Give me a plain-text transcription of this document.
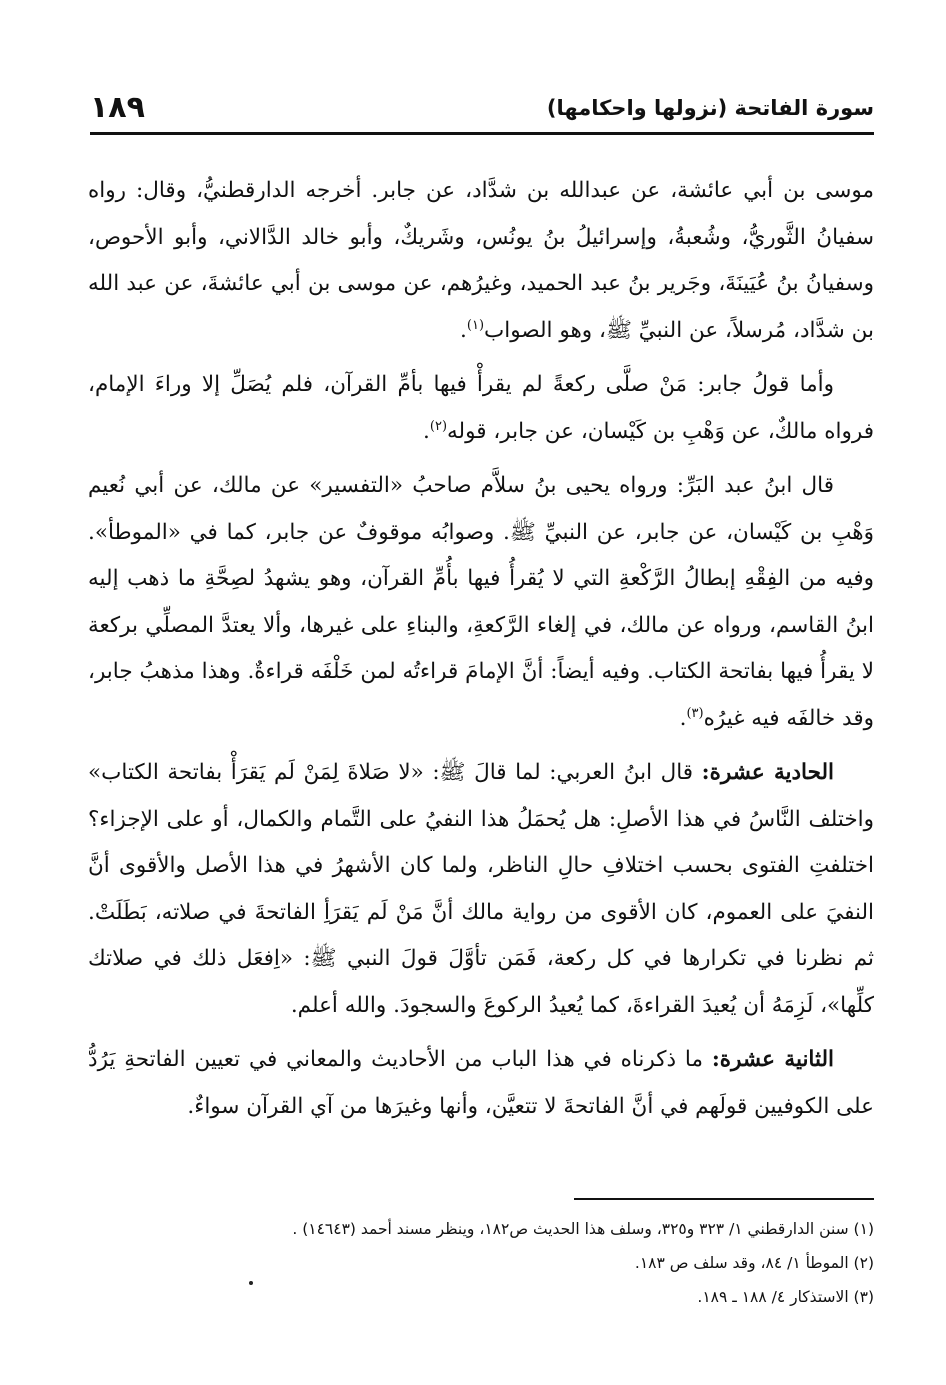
سورة الفاتحة (نزولها واحكامها)
١٨٩

موسى بن أبي عائشة، عن عبدالله بن شدَّاد، عن جابر. أخرجه الدارقطنيُّ، وقال: رواه سفيانُ الثَّوريُّ، وشُعبةُ، وإسرائيلُ بنُ يونُس، وشَريكٌ، وأبو خالد الدَّالاني، وأبو الأحوص، وسفيانُ بنُ عُيَينَةَ، وجَرير بنُ عبد الحميد، وغيرُهم، عن موسى بن أبي عائشةَ، عن عبد الله بن شدَّاد، مُرسلاً، عن النبيِّ ﷺ، وهو الصواب$^{(١)}$.

وأما قولُ جابر: مَنْ صلَّى ركعةً لم يقرأْ فيها بأمِّ القرآن، فلم يُصَلِّ إلا وراءَ الإمام، فرواه مالكٌ، عن وَهْبِ بن كَيْسان، عن جابر، قوله$^{(٢)}$.

قال ابنُ عبد البَرِّ: ورواه يحيى بنُ سلاَّم صاحبُ «التفسير» عن مالك، عن أبي نُعيم وَهْبِ بن كَيْسان، عن جابر، عن النبيِّ ﷺ. وصوابُه موقوفٌ عن جابر، كما في «الموطأ». وفيه من الفِقْهِ إبطالُ الرَّكْعةِ التي لا يُقرأُ فيها بأُمِّ القرآن، وهو يشهدُ لصِحَّةِ ما ذهب إليه ابنُ القاسم، ورواه عن مالك، في إلغاء الرَّكعةِ، والبناءِ على غيرها، وألا يعتدَّ المصلِّي بركعة لا يقرأُ فيها بفاتحة الكتاب. وفيه أيضاً: أنَّ الإمامَ قراءتُه لمن خَلْفَه قراءةٌ. وهذا مذهبُ جابر، وقد خالفَه فيه غيرُه$^{(٣)}$.

الحادية عشرة: قال ابنُ العربي: لما قالَ ﷺ: «لا صَلاةَ لِمَنْ لَم يَقرَأْ بفاتحة الكتاب» واختلف النَّاسُ في هذا الأصلِ: هل يُحمَلُ هذا النفيُ على التَّمام والكمال، أو على الإجزاء؟ اختلفتِ الفتوى بحسب اختلافِ حالِ الناظر، ولما كان الأشهرُ في هذا الأصل والأقوى أنَّ النفيَ على العموم، كان الأقوى من رواية مالك أنَّ مَنْ لَم يَقرَأِ الفاتحةَ في صلاته، بَطَلَتْ. ثم نظرنا في تكرارها في كل ركعة، فَمَن تأوَّلَ قولَ النبي ﷺ: «اِفعَل ذلك في صلاتك كلِّها»، لَزِمَهُ أن يُعيدَ القراءةَ، كما يُعيدُ الركوعَ والسجودَ. والله أعلم.

الثانية عشرة: ما ذكرناه في هذا الباب من الأحاديث والمعاني في تعيين الفاتحةِ يَرُدُّ على الكوفيين قولَهم في أنَّ الفاتحةَ لا تتعيَّن، وأنها وغيرَها من آي القرآن سواءٌ.

(١) سنن الدارقطني ١/ ٣٢٣ و٣٢٥، وسلف هذا الحديث ص١٨٢، وينظر مسند أحمد (١٤٦٤٣) .

(٢) الموطأ ١/ ٨٤، وقد سلف ص ١٨٣.

(٣) الاستذكار ٤/ ١٨٨ ـ ١٨٩.
